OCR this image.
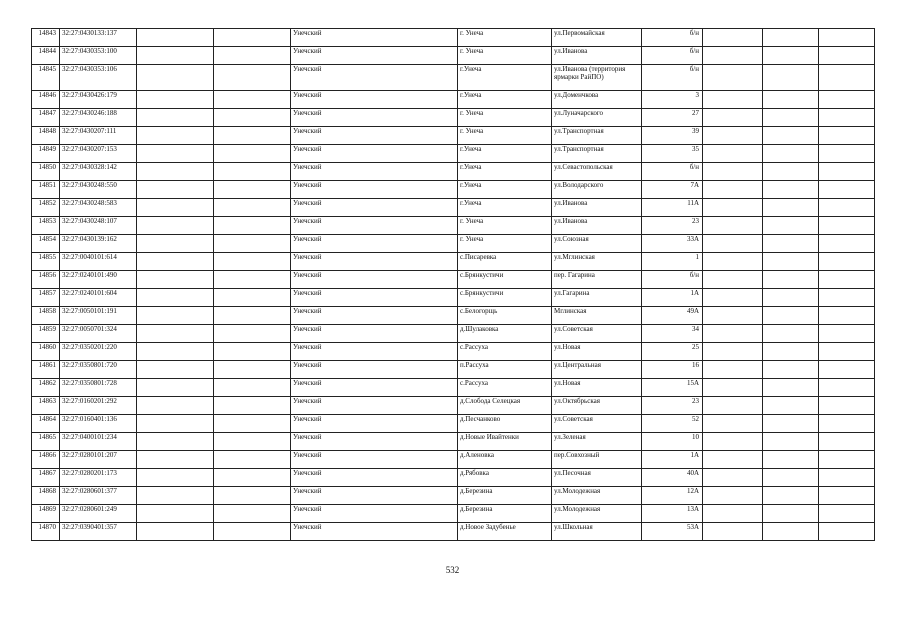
14843	32:27:0430133:137			Унечский	г. Унеча	ул.Первомайская	б/н			
14844	32:27:0430353:100			Унечский	г. Унеча	ул.Иванова	б/н			
14845	32:27:0430353:106			Унечский	г.Унеча	ул.Иванова (территория ярмарки РайПО)	б/н			
14846	32:27:0430426:179			Унечский	г.Унеча	ул.Доменчкова	3			
14847	32:27:0430246:188			Унечский	г. Унеча	ул.Луначарского	27			
14848	32:27:0430207:111			Унечский	г. Унеча	ул.Транспортная	39			
14849	32:27:0430207:153			Унечский	г.Унеча	ул.Транспортная	35			
14850	32:27:0430328:142			Унечский	г.Унеча	ул.Севастопольская	б/н			
14851	32:27:0430248:550			Унечский	г.Унеча	ул.Володарского	7А			
14852	32:27:0430248:583			Унечский	г.Унеча	ул.Иванова	11А			
14853	32:27:0430248:107			Унечский	г. Унеча	ул.Иванова	23			
14854	32:27:0430139:162			Унечский	г. Унеча	ул.Союзная	33А			
14855	32:27:0040101:614			Унечский	с.Писаревка	ул.Мглинская	1			
14856	32:27:0240101:490			Унечский	с.Брянкустичи	пер. Гагарина	б/н			
14857	32:27:0240101:604			Унечский	с.Брянкустичи	ул.Гагарина	1А			
14858	32:27:0050101:191			Унечский	с.Белогорщь	Мглинская	49А			
14859	32:27:0050701:324			Унечский	д.Шулаковка	ул.Советская	34			
14860	32:27:0350201:220			Унечский	с.Рассуха	ул.Новая	25			
14861	32:27:0350801:720			Унечский	п.Рассуха	ул.Центральная	16			
14862	32:27:0350801:728			Унечский	с.Рассуха	ул.Новая	15А			
14863	32:27:0160201:292			Унечский	д.Слобода Селецкая	ул.Октябрьская	23			
14864	32:27:0160401:136			Унечский	д.Песчанково	ул.Советская	52			
14865	32:27:0400101:234			Унечский	д.Новые Ивайтенки	ул.Зеленая	10			
14866	32:27:0280101:207			Унечский	д.Аленовка	пер.Совхозный	1А			
14867	32:27:0280201:173			Унечский	д.Рябовка	ул.Песочная	40А			
14868	32:27:0280601:377			Унечский	д.Березина	ул.Молодежная	12А			
14869	32:27:0280601:249			Унечский	д.Березина	ул.Молодежная	13А			
14870	32:27:0390401:357			Унечский	д.Новое Задубенье	ул.Школьная	53А			
532
